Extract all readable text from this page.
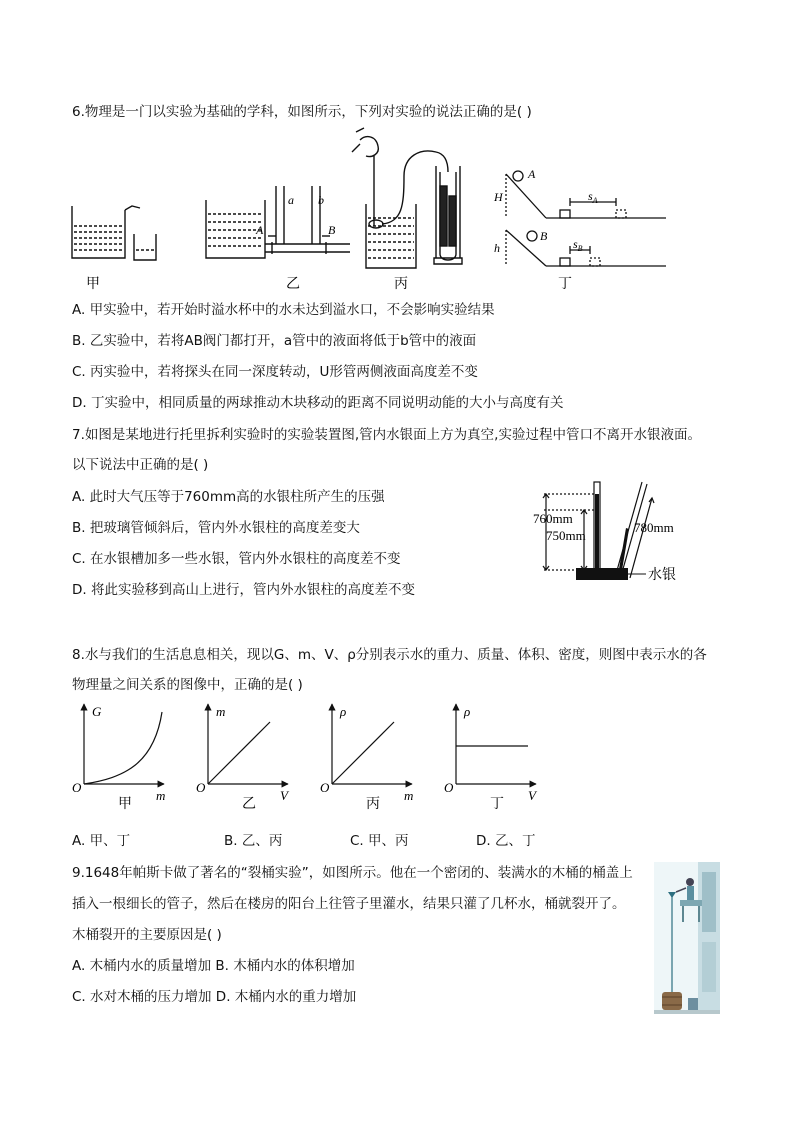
6.物理是一门以实验为基础的学科，如图所示，下列对实验的说法正确的是( )
甲
A	B
a b
乙	丙
A
B
H
h
$s_A$
$s_B$
丁
A. 甲实验中，若开始时溢水杯中的水未达到溢水口，不会影响实验结果
B. 乙实验中，若将AB阀门都打开，a管中的液面将低于b管中的液面
C. 丙实验中，若将探头在同一深度转动，U形管两侧液面高度差不变
D. 丁实验中，相同质量的两球推动木块移动的距离不同说明动能的大小与高度有关
7.如图是某地进行托里拆利实验时的实验装置图,管内水银面上方为真空,实验过程中管口不离开水银液面。
以下说法中正确的是( )
A. 此时大气压等于760mm高的水银柱所产生的压强
B. 把玻璃管倾斜后，管内外水银柱的高度差变大
C. 在水银槽加多一些水银，管内外水银柱的高度差不变
D. 将此实验移到高山上进行，管内外水银柱的高度差不变
760mm
750mm
780mm
水银
8.水与我们的生活息息相关，现以G、m、V、ρ分别表示水的重力、质量、体积、密度，则图中表示水的各
物理量之间关系的图像中，正确的是( )
G
m
O
甲
m
V
O
乙
ρ
m
O
丙
ρ
V
O
丁
A. 甲、丁	B. 乙、丙	C. 甲、丙	D. 乙、丁
9.1648年帕斯卡做了著名的“裂桶实验”，如图所示。他在一个密闭的、装满水的木桶的桶盖上
插入一根细长的管子，然后在楼房的阳台上往管子里灌水，结果只灌了几杯水，桶就裂开了。
木桶裂开的主要原因是( )
A. 木桶内水的质量增加 B. 木桶内水的体积增加
C. 水对木桶的压力增加 D. 木桶内水的重力增加
